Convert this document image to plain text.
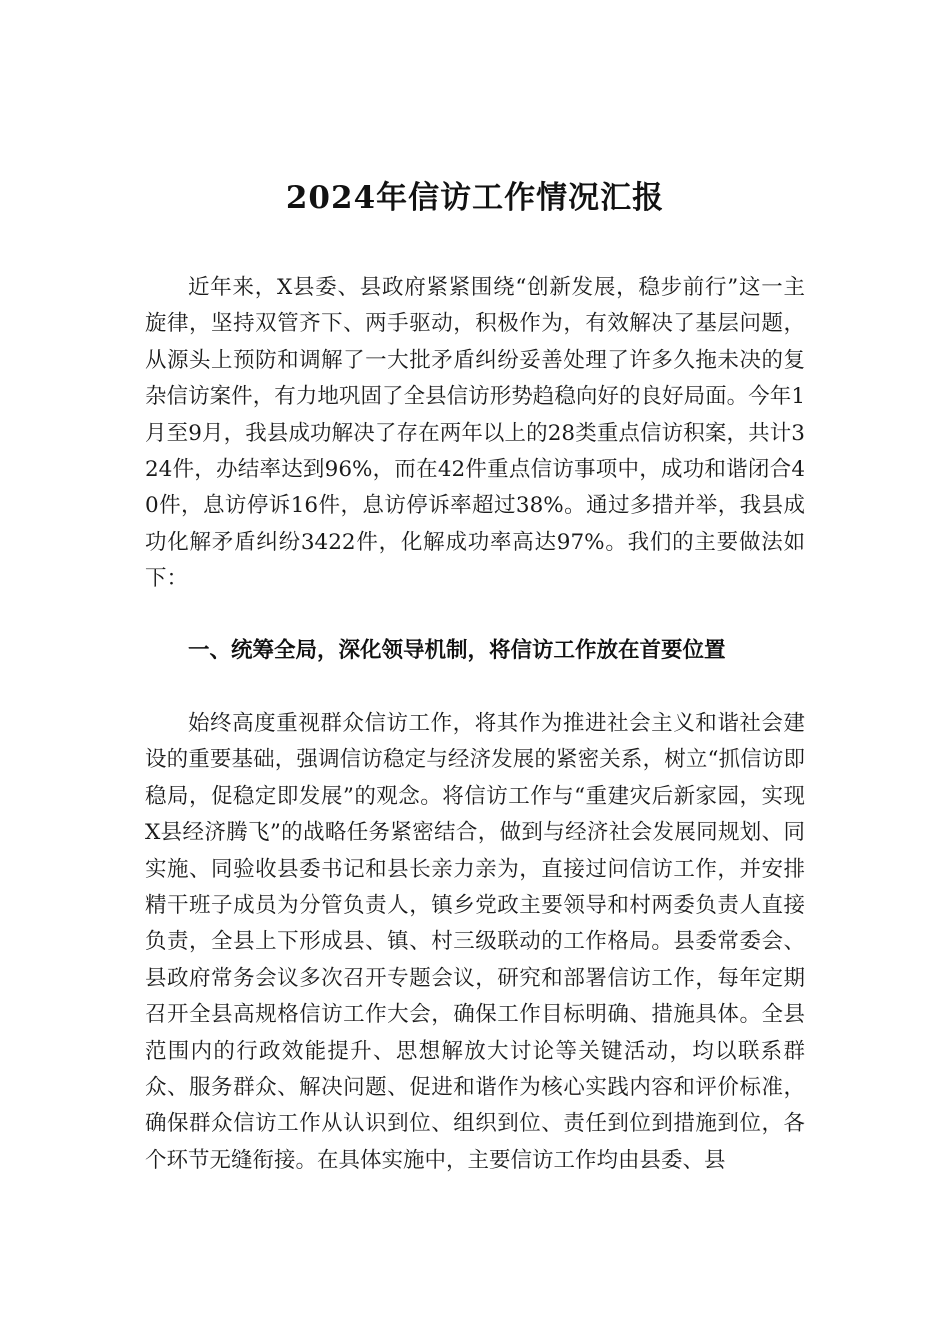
2024年信访工作情况汇报

近年来，X县委、县政府紧紧围绕“创新发展，稳步前行”这一主旋律，坚持双管齐下、两手驱动，积极作为，有效解决了基层问题，从源头上预防和调解了一大批矛盾纠纷妥善处理了许多久拖未决的复杂信访案件，有力地巩固了全县信访形势趋稳向好的良好局面。今年1月至9月，我县成功解决了存在两年以上的28类重点信访积案，共计324件，办结率达到96%，而在42件重点信访事项中，成功和谐闭合40件，息访停诉16件，息访停诉率超过38%。通过多措并举，我县成功化解矛盾纠纷3422件，化解成功率高达97%。我们的主要做法如下：

一、统筹全局，深化领导机制，将信访工作放在首要位置

始终高度重视群众信访工作，将其作为推进社会主义和谐社会建设的重要基础，强调信访稳定与经济发展的紧密关系，树立“抓信访即稳局，促稳定即发展”的观念。将信访工作与“重建灾后新家园，实现X县经济腾飞”的战略任务紧密结合，做到与经济社会发展同规划、同实施、同验收县委书记和县长亲力亲为，直接过问信访工作，并安排精干班子成员为分管负责人，镇乡党政主要领导和村两委负责人直接负责，全县上下形成县、镇、村三级联动的工作格局。县委常委会、县政府常务会议多次召开专题会议，研究和部署信访工作，每年定期召开全县高规格信访工作大会，确保工作目标明确、措施具体。全县范围内的行政效能提升、思想解放大讨论等关键活动，均以联系群众、服务群众、解决问题、促进和谐作为核心实践内容和评价标准，确保群众信访工作从认识到位、组织到位、责任到位到措施到位，各个环节无缝衔接。在具体实施中，主要信访工作均由县委、县
